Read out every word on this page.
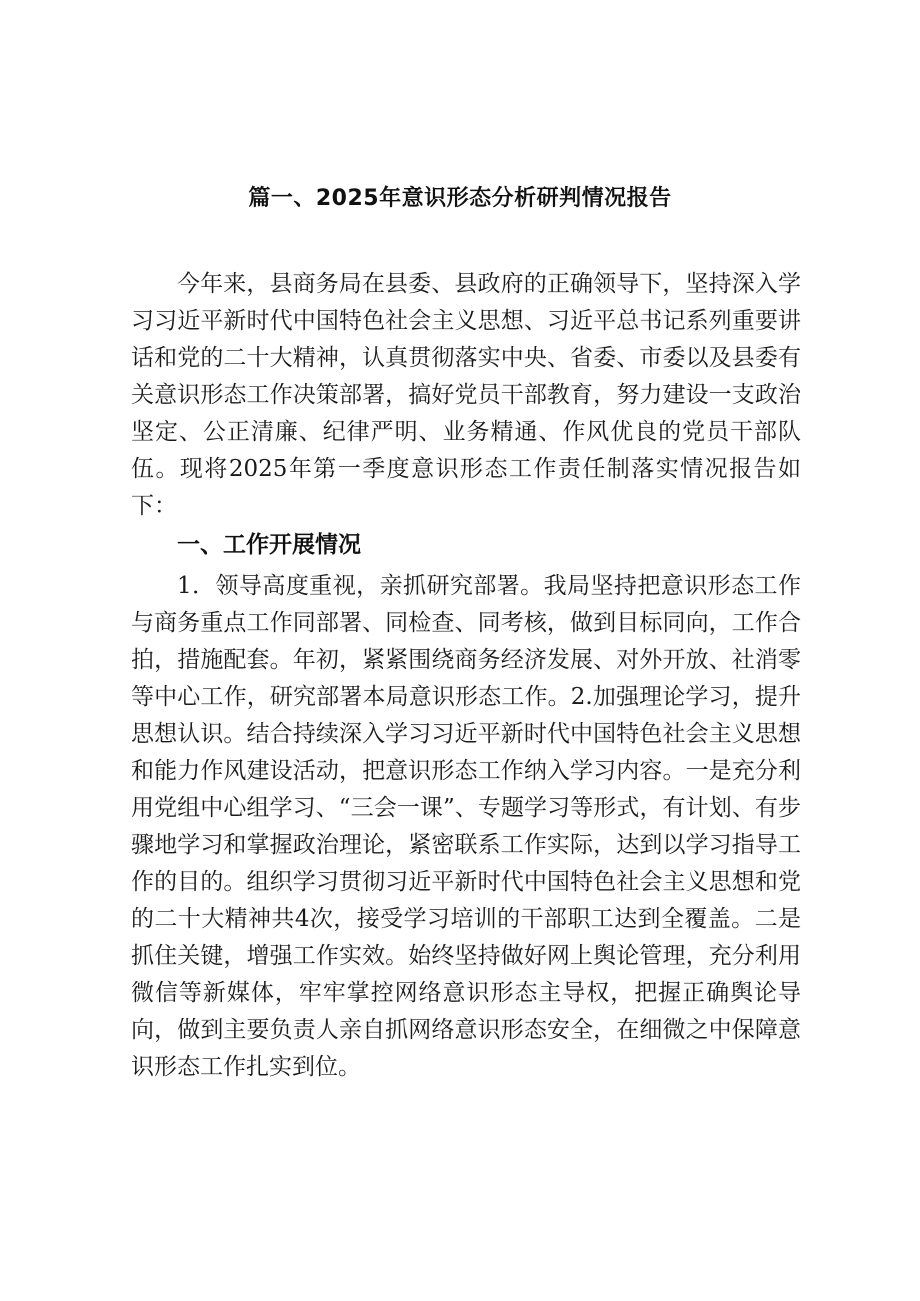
篇一、2025年意识形态分析研判情况报告

今年来，县商务局在县委、县政府的正确领导下，坚持深入学习习近平新时代中国特色社会主义思想、习近平总书记系列重要讲话和党的二十大精神，认真贯彻落实中央、省委、市委以及县委有关意识形态工作决策部署，搞好党员干部教育，努力建设一支政治坚定、公正清廉、纪律严明、业务精通、作风优良的党员干部队伍。现将2025年第一季度意识形态工作责任制落实情况报告如下：

一、工作开展情况

1．领导高度重视，亲抓研究部署。我局坚持把意识形态工作与商务重点工作同部署、同检查、同考核，做到目标同向，工作合拍，措施配套。年初，紧紧围绕商务经济发展、对外开放、社消零等中心工作，研究部署本局意识形态工作。2.加强理论学习，提升思想认识。结合持续深入学习习近平新时代中国特色社会主义思想和能力作风建设活动，把意识形态工作纳入学习内容。一是充分利用党组中心组学习、“三会一课”、专题学习等形式，有计划、有步骤地学习和掌握政治理论，紧密联系工作实际，达到以学习指导工作的目的。组织学习贯彻习近平新时代中国特色社会主义思想和党的二十大精神共4次，接受学习培训的干部职工达到全覆盖。二是抓住关键，增强工作实效。始终坚持做好网上舆论管理，充分利用微信等新媒体，牢牢掌控网络意识形态主导权，把握正确舆论导向，做到主要负责人亲自抓网络意识形态安全，在细微之中保障意识形态工作扎实到位。
